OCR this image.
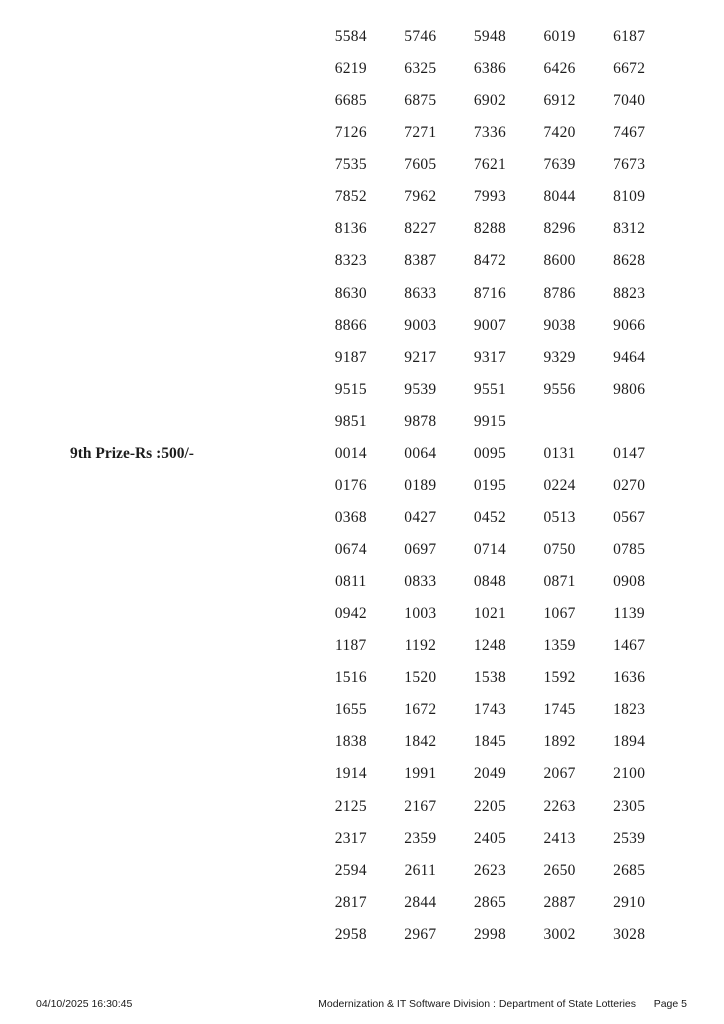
5584	5746	5948	6019	6187
6219	6325	6386	6426	6672
6685	6875	6902	6912	7040
7126	7271	7336	7420	7467
7535	7605	7621	7639	7673
7852	7962	7993	8044	8109
8136	8227	8288	8296	8312
8323	8387	8472	8600	8628
8630	8633	8716	8786	8823
8866	9003	9007	9038	9066
9187	9217	9317	9329	9464
9515	9539	9551	9556	9806
9851	9878	9915
9th Prize-Rs :500/-	0014	0064	0095	0131	0147
0176	0189	0195	0224	0270
0368	0427	0452	0513	0567
0674	0697	0714	0750	0785
0811	0833	0848	0871	0908
0942	1003	1021	1067	1139
1187	1192	1248	1359	1467
1516	1520	1538	1592	1636
1655	1672	1743	1745	1823
1838	1842	1845	1892	1894
1914	1991	2049	2067	2100
2125	2167	2205	2263	2305
2317	2359	2405	2413	2539
2594	2611	2623	2650	2685
2817	2844	2865	2887	2910
2958	2967	2998	3002	3028
04/10/2025 16:30:45	Modernization & IT Software Division : Department of State Lotteries Page 5
